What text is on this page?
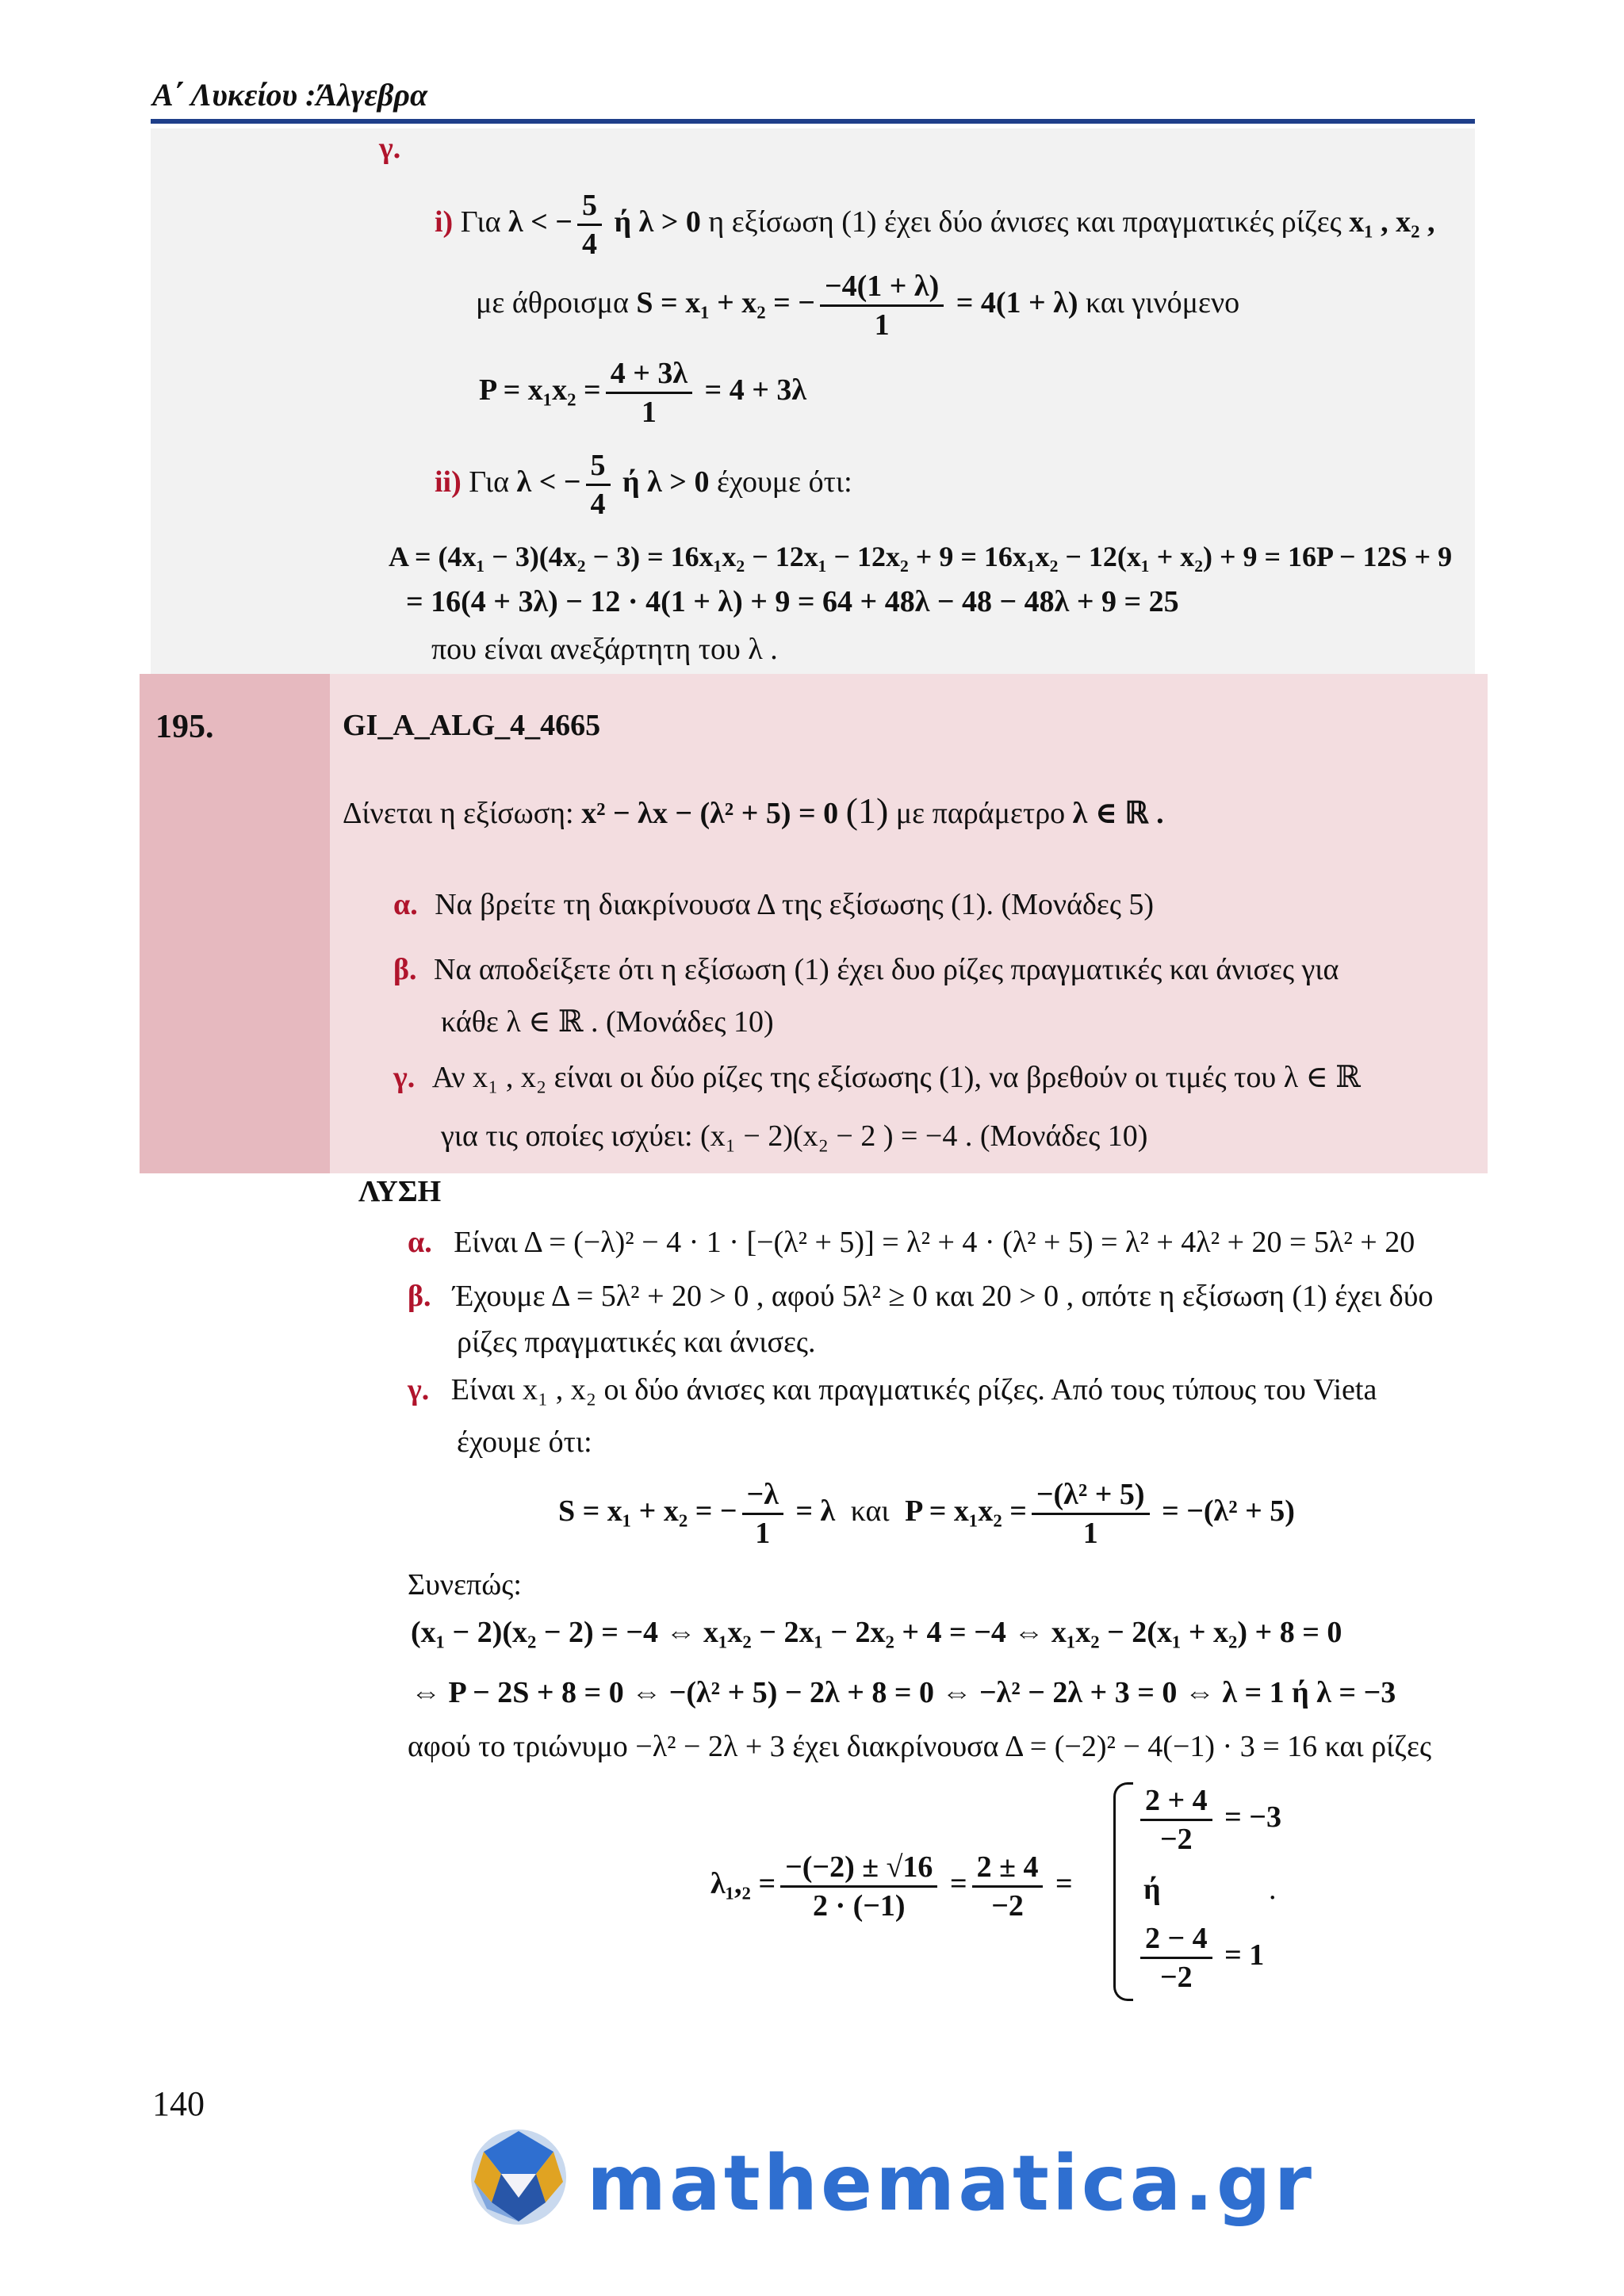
Α΄ Λυκείου :Άλγεβρα
γ.
i) Για λ < − $\frac{5}{4}$ ή λ > 0 η εξίσωση (1) έχει δύο άνισες και πραγματικές ρίζες x₁ , x₂ ,
με άθροισμα S = x₁ + x₂ = − $\frac{-4(1 + \lambda)}{1} = 4(1 + \lambda)$ και γινόμενο
$P = x_1x_2 = \frac{4 + 3\lambda}{1} = 4 + 3\lambda$
ii) Για λ < − $\frac{5}{4}$ ή λ > 0 έχουμε ότι:
A = (4x₁ − 3)(4x₂ − 3) = 16x₁x₂ − 12x₁ − 12x₂ + 9 = 16x₁x₂ − 12(x₁ + x₂) + 9 = 16P − 12S + 9
= 16(4 + 3λ) − 12 · 4(1 + λ) + 9 = 64 + 48λ − 48 − 48λ + 9 = 25
που είναι ανεξάρτητη του λ .
195.	GI_A_ALG_4_4665
Δίνεται η εξίσωση: x² − λx − (λ² + 5) = 0 (1) με παράμετρο λ ∈ ℝ .
α. Να βρείτε τη διακρίνουσα Δ της εξίσωσης (1). (Μονάδες 5)
β. Να αποδείξετε ότι η εξίσωση (1) έχει δυο ρίζες πραγματικές και άνισες για
κάθε λ ∈ ℝ . (Μονάδες 10)
γ. Αν x₁ , x₂ είναι οι δύο ρίζες της εξίσωσης (1), να βρεθούν οι τιμές του λ ∈ ℝ
για τις οποίες ισχύει: (x₁ − 2)(x₂ − 2 ) = −4 . (Μονάδες 10)
ΛΥΣΗ
α. Είναι Δ = (−λ)² − 4 · 1 · [−(λ² + 5)] = λ² + 4 · (λ² + 5) = λ² + 4λ² + 20 = 5λ² + 20
β. Έχουμε Δ = 5λ² + 20 > 0 , αφού 5λ² ≥ 0 και 20 > 0 , οπότε η εξίσωση (1) έχει δύο
ρίζες πραγματικές και άνισες.
γ. Είναι x₁ , x₂ οι δύο άνισες και πραγματικές ρίζες. Από τους τύπους του Vieta
έχουμε ότι:
S = x₁ + x₂ = − $\frac{-\lambda}{1} = \lambda$ και $P = x_1x_2 = \frac{\text{−(λ² + 5)}}{1} = -(\lambda^2 + 5)$
Συνεπώς:
(x₁ − 2)(x₂ − 2) = −4 ⇔ x₁x₂ − 2x₁ − 2x₂ + 4 = −4 ⇔ x₁x₂ − 2(x₁ + x₂) + 8 = 0
⇔ P − 2S + 8 = 0 ⇔ −(λ² + 5) − 2λ + 8 = 0 ⇔ −λ² − 2λ + 3 = 0 ⇔ λ = 1 ή λ = −3
αφού το τριώνυμο −λ² − 2λ + 3 έχει διακρίνουσα Δ = (−2)² − 4(−1) · 3 = 16 και ρίζες
$\lambda_1,_2 = \frac{-(-2) \pm √16}{2 \cdot (-1)} = \frac{2 \pm 4}{-2}$ =
$\frac{2 + 4}{-2} = -3$
ή
$\frac{2 - 4}{-2} = 1$
.
140
mathematica.gr
